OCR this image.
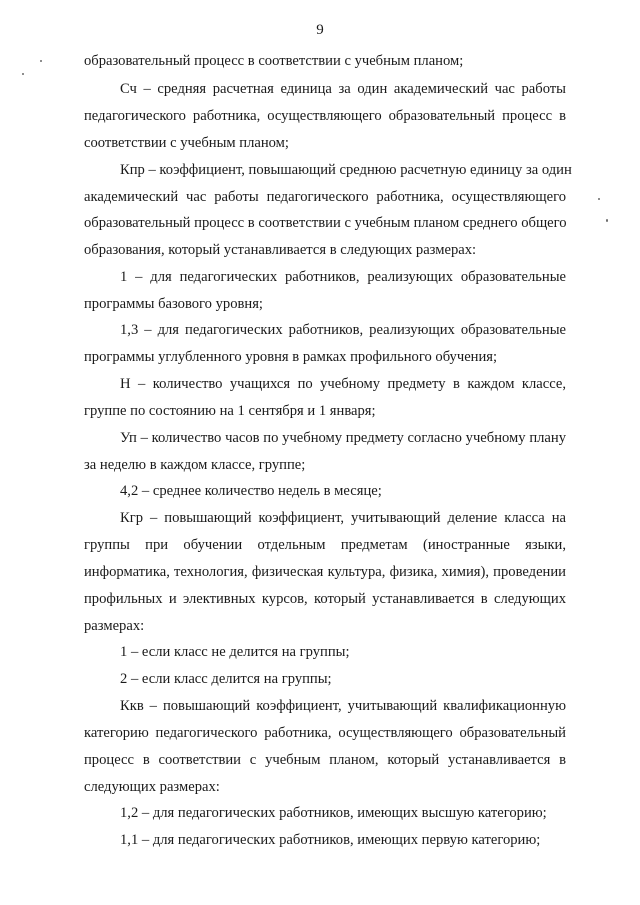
9

образовательный процесс в соответствии с учебным планом;

Сч – средняя расчетная единица за один академический час работы

педагогического работника, осуществляющего образовательный процесс в

соответствии с учебным планом;

Кпр – коэффициент, повышающий среднюю расчетную единицу за один

академический час работы педагогического работника, осуществляющего

образовательный процесс в соответствии с учебным планом среднего общего

образования, который устанавливается в следующих размерах:

1 – для педагогических работников, реализующих образовательные

программы базового уровня;

1,3 – для педагогических работников, реализующих образовательные

программы углубленного уровня в рамках профильного обучения;

Н – количество учащихся по учебному предмету в каждом классе,

группе по состоянию на 1 сентября и 1 января;

Уп – количество часов по учебному предмету согласно учебному плану

за неделю в каждом классе, группе;

4,2 – среднее количество недель в месяце;

Кгр – повышающий коэффициент, учитывающий деление класса на

группы при обучении отдельным предметам (иностранные языки,

информатика, технология, физическая культура, физика, химия), проведении

профильных и элективных курсов, который устанавливается в следующих

размерах:

1 – если класс не делится на группы;

2 – если класс делится на группы;

Ккв – повышающий коэффициент, учитывающий квалификационную

категорию педагогического работника, осуществляющего образовательный

процесс в соответствии с учебным планом, который устанавливается в

следующих размерах:

1,2 – для педагогических работников, имеющих высшую категорию;

1,1 – для педагогических работников, имеющих первую категорию;
